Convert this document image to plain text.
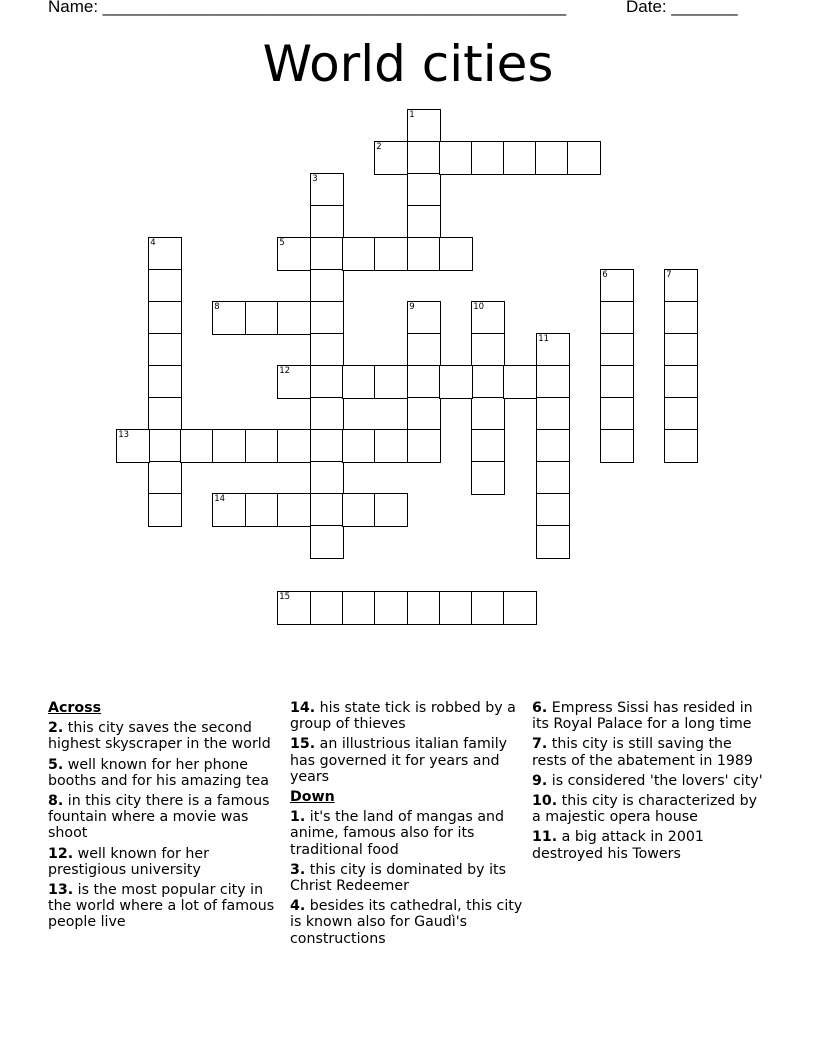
Name: _________________________________________________	Date: _______
World cities
1
2
3
4	5
6	7
8	9	10
11
12
13
14
15
Across
2. this city saves the second highest skyscraper in the world
5. well known for her phone booths and for his amazing tea
8. in this city there is a famous fountain where a movie was shoot
12. well known for her prestigious university
13. is the most popular city in the world where a lot of famous people live
14. his state tick is robbed by a group of thieves
15. an illustrious italian family has governed it for years and years
Down
1. it's the land of mangas and anime, famous also for its traditional food
3. this city is dominated by its Christ Redeemer
4. besides its cathedral, this city is known also for Gaudì's constructions
6. Empress Sissi has resided in its Royal Palace for a long time
7. this city is still saving the rests of the abatement in 1989
9. is considered 'the lovers' city'
10. this city is characterized by a majestic opera house
11. a big attack in 2001 destroyed his Towers
